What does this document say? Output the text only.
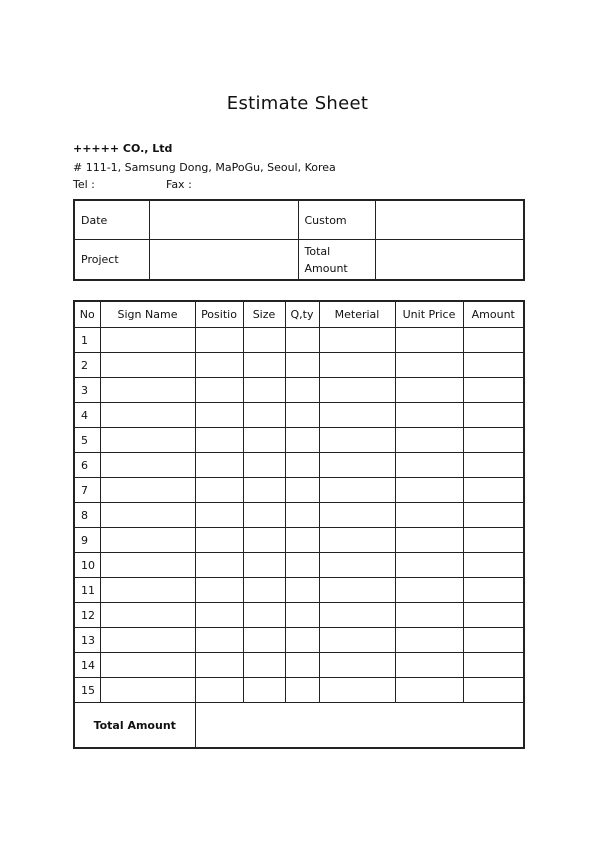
Estimate Sheet
+++++ CO., Ltd
# 111-1, Samsung Dong, MaPoGu, Seoul, Korea
Tel :	Fax :
Date		Custom	
Project		Total
Amount	
No	Sign Name	Positio	Size	Q,ty	Meterial	Unit Price	Amount
1							
2							
3							
4							
5							
6							
7							
8							
9							
10							
11							
12							
13							
14							
15							
Total Amount							
